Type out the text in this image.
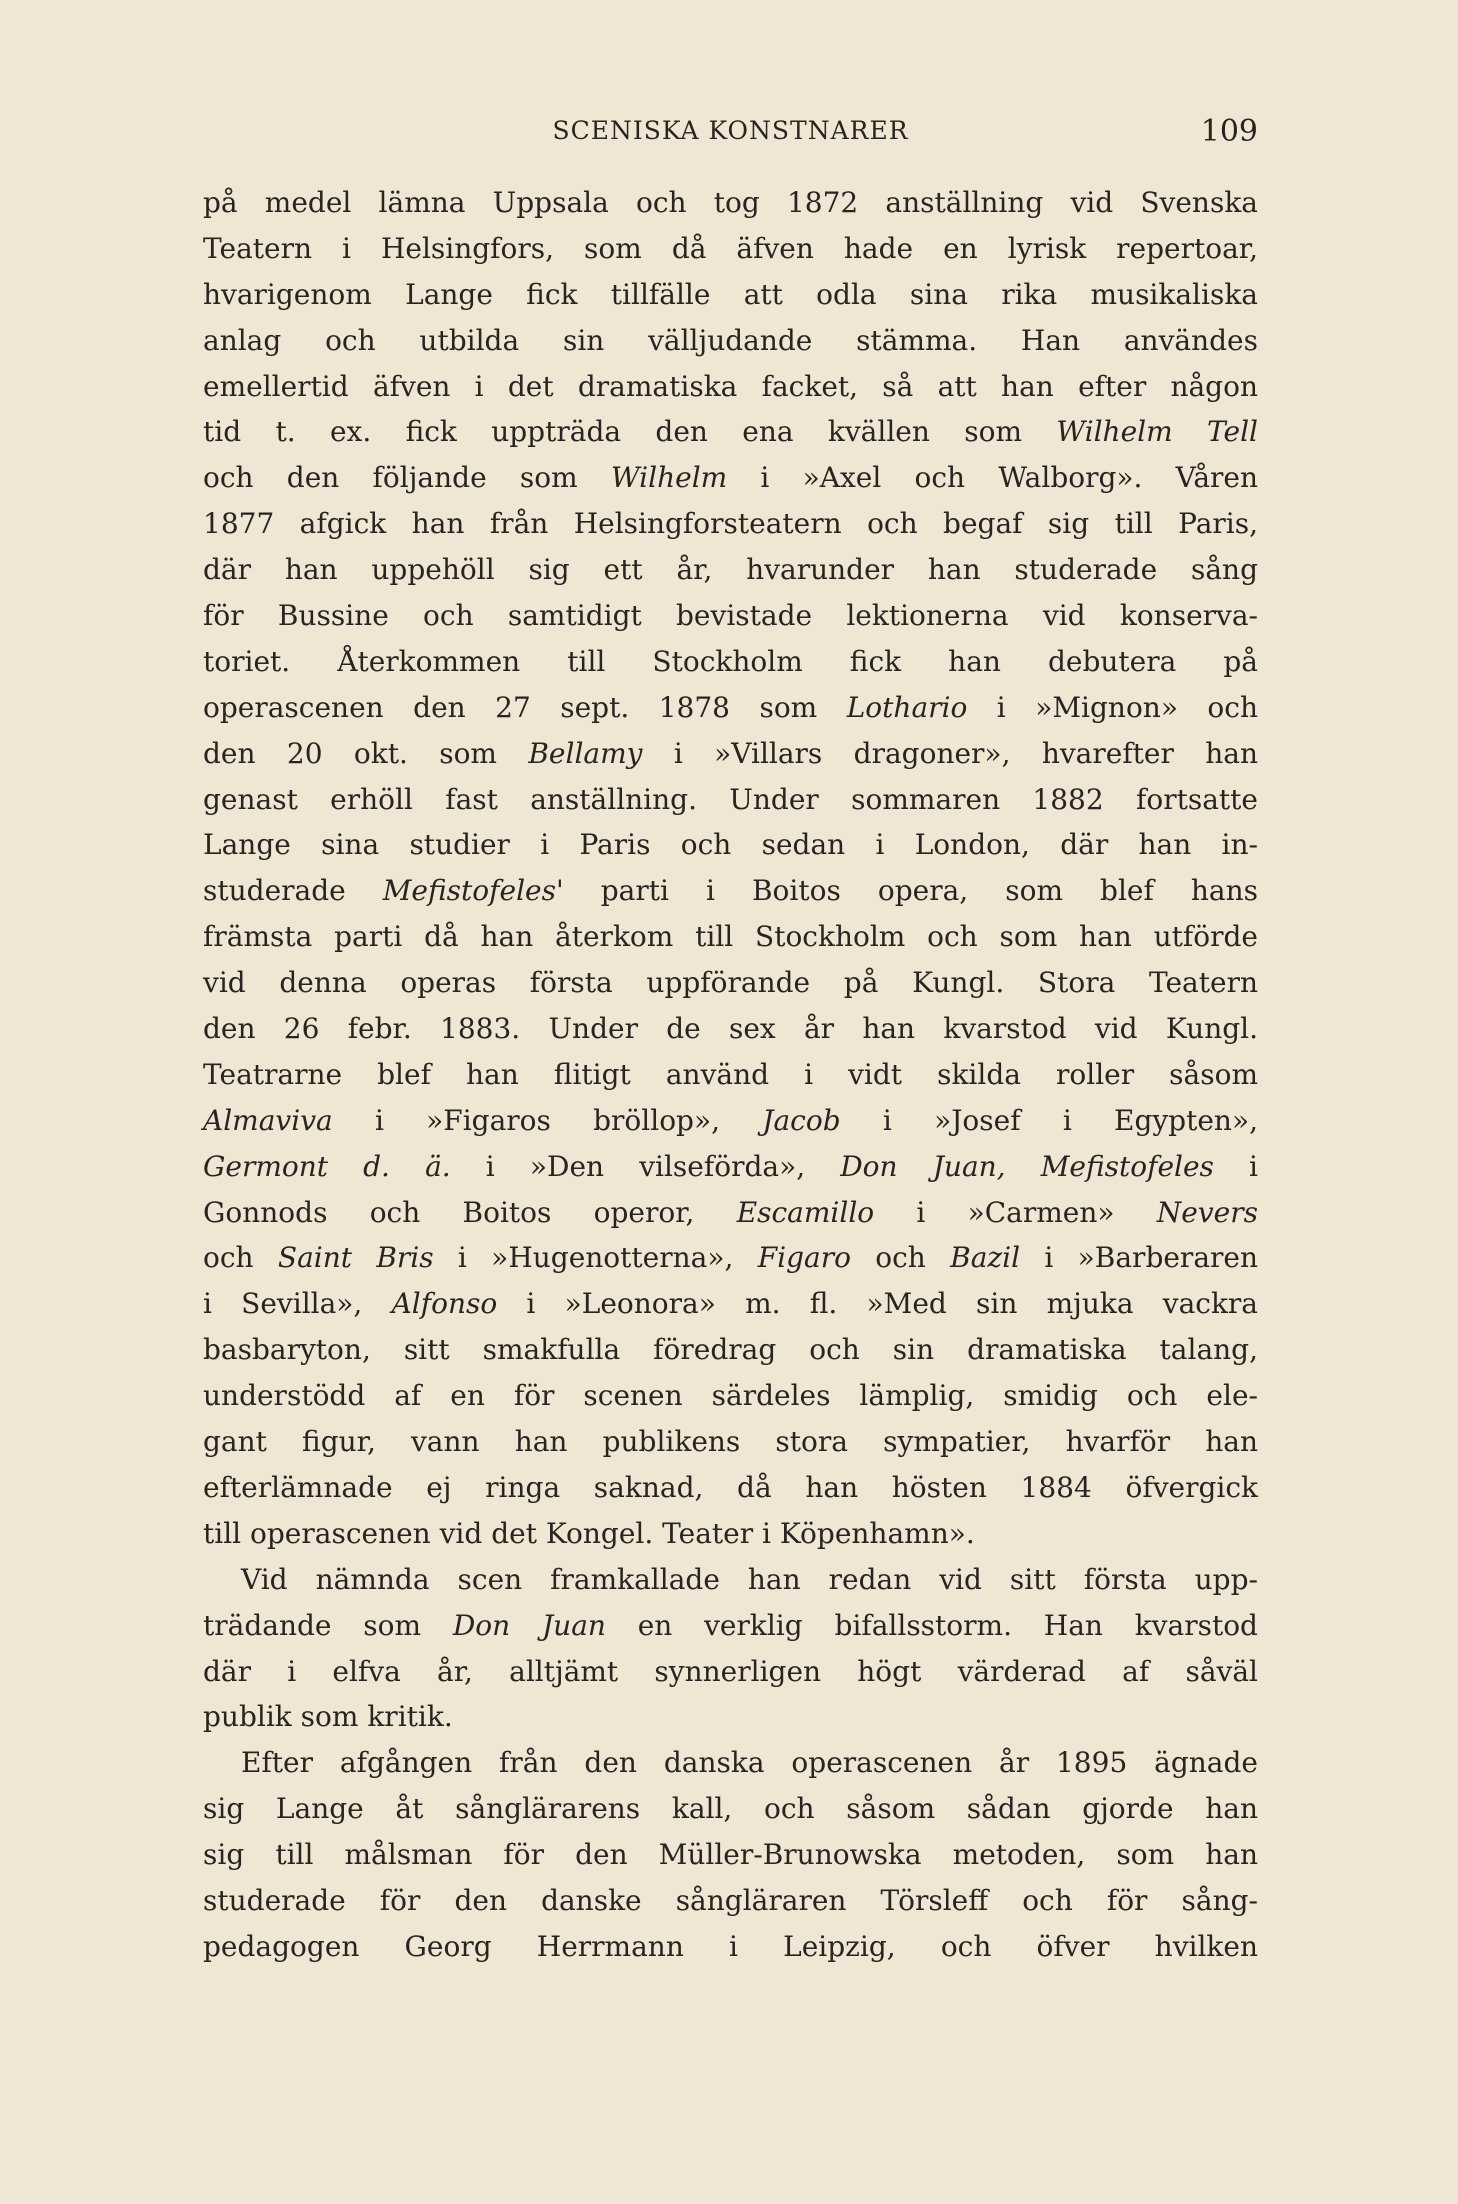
SCENISKA KONSTNARER	109
på medel lämna Uppsala och tog 1872 anställning vid Svenska
Teatern i Helsingfors, som då äfven hade en lyrisk repertoar,
hvarigenom Lange fick tillfälle att odla sina rika musikaliska
anlag och utbilda sin välljudande stämma. Han användes
emellertid äfven i det dramatiska facket, så att han efter någon
tid t. ex. fick uppträda den ena kvällen som Wilhelm Tell
och den följande som Wilhelm i »Axel och Walborg». Våren
1877 afgick han från Helsingforsteatern och begaf sig till Paris,
där han uppehöll sig ett år, hvarunder han studerade sång
för Bussine och samtidigt bevistade lektionerna vid konserva-
toriet. Återkommen till Stockholm fick han debutera på
operascenen den 27 sept. 1878 som Lothario i »Mignon» och
den 20 okt. som Bellamy i »Villars dragoner», hvarefter han
genast erhöll fast anställning. Under sommaren 1882 fortsatte
Lange sina studier i Paris och sedan i London, där han in-
studerade Mefistofeles' parti i Boitos opera, som blef hans
främsta parti då han återkom till Stockholm och som han utförde
vid denna operas första uppförande på Kungl. Stora Teatern
den 26 febr. 1883. Under de sex år han kvarstod vid Kungl.
Teatrarne blef han flitigt använd i vidt skilda roller såsom
Almaviva i »Figaros bröllop», Jacob i »Josef i Egypten»,
Germont d. ä. i »Den vilseförda», Don Juan, Mefistofeles i
Gonnods och Boitos operor, Escamillo i »Carmen» Nevers
och Saint Bris i »Hugenotterna», Figaro och Bazil i »Barberaren
i Sevilla», Alfonso i »Leonora» m. fl. »Med sin mjuka vackra
basbaryton, sitt smakfulla föredrag och sin dramatiska talang,
understödd af en för scenen särdeles lämplig, smidig och ele-
gant figur, vann han publikens stora sympatier, hvarför han
efterlämnade ej ringa saknad, då han hösten 1884 öfvergick
till operascenen vid det Kongel. Teater i Köpenhamn».
Vid nämnda scen framkallade han redan vid sitt första upp-
trädande som Don Juan en verklig bifallsstorm. Han kvarstod
där i elfva år, alltjämt synnerligen högt värderad af såväl
publik som kritik.
Efter afgången från den danska operascenen år 1895 ägnade
sig Lange åt sånglärarens kall, och såsom sådan gjorde han
sig till målsman för den Müller-Brunowska metoden, som han
studerade för den danske sångläraren Törsleff och för sång-
pedagogen Georg Herrmann i Leipzig, och öfver hvilken
